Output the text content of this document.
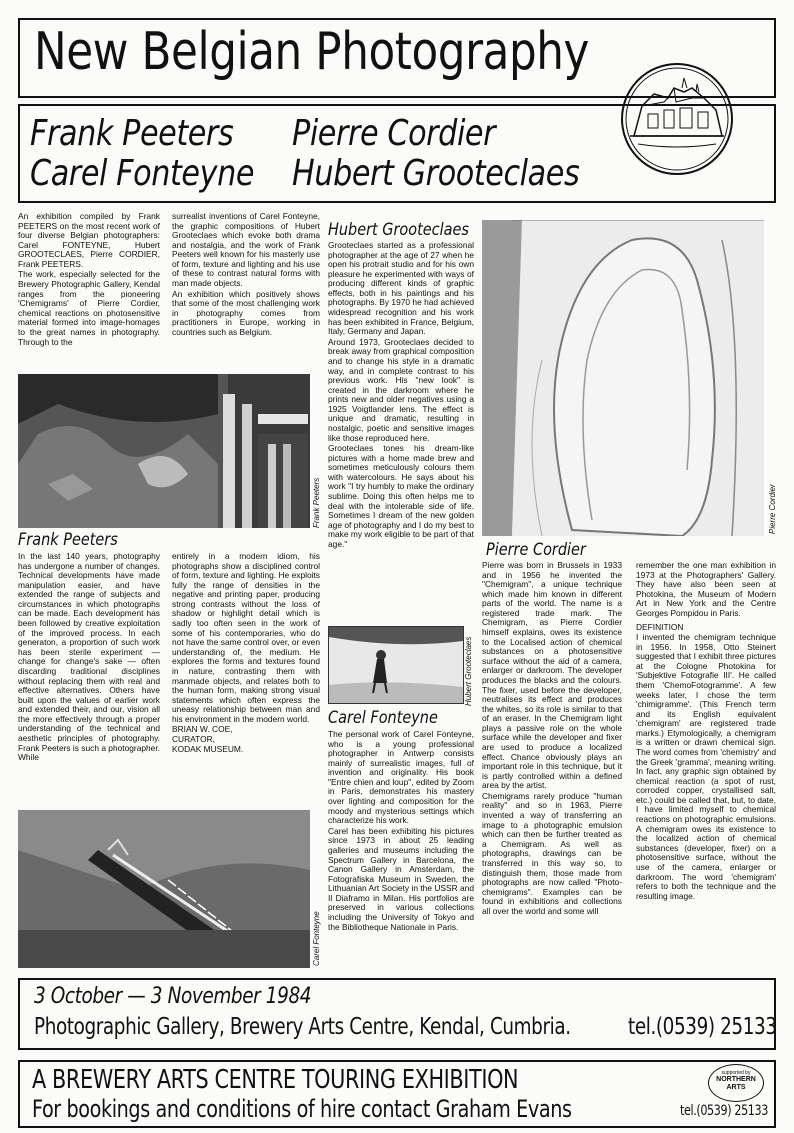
New Belgian Photography
Frank Peeters Pierre Cordier
Carel Fonteyne Hubert Grooteclaes

An exhibition compiled by Frank PEETERS on the most recent work of four diverse Belgian photographers: Carel FONTEYNE, Hubert GROOTECLAES, Pierre CORDIER, Frank PEETERS.

The work, especially selected for the Brewery Photographic Gallery, Kendal ranges from the pioneering 'Chemigrams' of Pierre Cordier, chemical reactions on photosensitive material formed into image-homages to the great names in photography. Through to the

surrealist inventions of Carel Fonteyne, the graphic compositions of Hubert Grooteclaes which evoke both drama and nostalgia, and the work of Frank Peeters well known for his masterly use of form, texture and lighting and his use of these to contrast natural forms with man made objects.

An exhibition which positively shows that some of the most challenging work in photography comes from practitioners in Europe, working in countries such as Belgium.

Frank Peeters
Frank Peeters

In the last 140 years, photography has undergone a number of changes. Technical developments have made manipulation easier, and have extended the range of subjects and circumstances in which photographs can be made. Each development has been followed by creative exploitation of the improved process. In each generaton, a proportion of such work has been sterile experiment — change for change's sake — often discarding traditional disciplines without replacing them with real and effective alternatives. Others have built upon the values of earlier work and extended their, and our, vision all the more effectively through a proper understanding of the technical and aesthetic principles of photography. Frank Peeters is such a photographer. While

entirely in a modern idiom, his photographs show a disciplined control of form, texture and lighting. He exploits fully the range of densities in the negative and printing paper, producing strong contrasts without the loss of shadow or highlight detail which is sadly too often seen in the work of some of his contemporaries, who do not have the same control over, or even understanding of, the medium. He explores the forms and textures found in nature, contrasting them with manmade objects, and relates both to the human form, making strong visual statements which often express the uneasy relationship between man and his environment in the modern world.

BRIAN W. COE,
CURATOR,
KODAK MUSEUM.
Carel Fonteyne
Hubert Grooteclaes

Grooteclaes started as a professional photographer at the age of 27 when he open his protrait studio and for his own pleasure he experimented with ways of producing different kinds of graphic effects, both in his paintings and his photographs. By 1970 he had achieved widespread recognition and his work has been exhibited in France, Belgium, Italy, Germany and Japan.

Around 1973, Grooteclaes decided to break away from graphical composition and to change his style in a dramatic way, and in complete contrast to his previous work. His "new look" is created in the darkroom where he prints new and older negatives using a 1925 Voigtlander lens. The effect is unique and dramatic, resulting in nostalgic, poetic and sensitive images like those reproduced here.

Grooteclaes tones his dream-like pictures with a home made brew and sometimes meticulously colours them with watercolours. He says about his work "I try humbly to make the ordinary sublime. Doing this often helps me to deal with the intolerable side of life. Sometimes I dream of the new golden age of photography and I do my best to make my work eligible to be part of that age."

Hubert Grooteclaes
Carel Fonteyne

The personal work of Carel Fonteyne, who is a young professional photographer in Antwerp consists mainly of surrealistic images, full of invention and originality. His book "Entre chien and loup", edited by Zoom in Paris, demonstrates his mastery over lighting and composition for the moody and mysterious settings which characterize his work.

Carel has been exhibiting his pictures since 1973 in about 25 leading galleries and museums including the Spectrum Gallery in Barcelona, the Canon Gallery in Amsterdam, the Fotografiska Museum in Sweden, the Lithuanian Art Society in the USSR and Il Diaframo in Milan. His portfolios are preserved in various collections including the University of Tokyo and the Bibliotheque Nationale in Paris.

Pierre Cordier
Pierre Cordier

Pierre was born in Brussels in 1933 and in 1956 he invented the "Chemigram", a unique technique which made him known in different parts of the world. The name is a registered trade mark. The Chemigram, as Pierre Cordier himself explains, owes its existence to the Localised action of chemical substances on a photosensitive surface without the aid of a camera, enlarger or darkroom. The developer produces the blacks and the colours. The fixer, used before the developer, neutralises its effect and produces the whites, so its role is similar to that of an eraser. In the Chemigram light plays a passive role on the whole surface while the developer and fixer are used to produce a localized effect. Chance obviously plays an important role in this technique, but it is partly controlled within a defined area by the artist.

Chemigrams rarely produce "human reality" and so in 1963, Pierre invented a way of transferring an image to a photographic emulsion which can then be further treated as a Chemigram. As well as photographs, drawings can be transferred in this way so, to distinguish them, those made from photographs are now called "Photo-chemigrams". Examples can be found in exhibitions and collections all over the world and some will

remember the one man exhibition in 1973 at the Photographers' Gallery. They have also been seen at Photokina, the Museum of Modern Art in New York and the Centre Georges Pompidou in Paris.

DEFINITION

I invented the chemigram technique in 1956. In 1958, Otto Steinert suggested that I exhibit three pictures at the Cologne Photokina for 'Subjektive Fotografie III'. He called them 'ChemoFotogramme'. A few weeks later, I chose the term 'chimigramme'. (This French term and its English equivalent 'chemigram' are registered trade marks.) Etymologically, a chemigram is a written or drawn chemical sign. The word comes from 'chemistry' and the Greek 'gramma', meaning writing. In fact, any graphic sign obtained by chemical reaction (a spot of rust, corroded copper, crystallised salt, etc.) could be called that, but, to date, I have limited myself to chemical reactions on photographic emulsions. A chemigram owes its existence to the localized action of chemical substances (developer, fixer) on a photosensitive surface, without the use of the camera, enlarger or darkroom. The word 'chemigram' refers to both the technique and the resulting image.

3 October — 3 November 1984
Photographic Gallery, Brewery Arts Centre, Kendal, Cumbria. tel.(0539) 25133
A BREWERY ARTS CENTRE TOURING EXHIBITION
For bookings and conditions of hire contact Graham Evans	tel.(0539) 25133
supported by
NORTHERN ARTS
